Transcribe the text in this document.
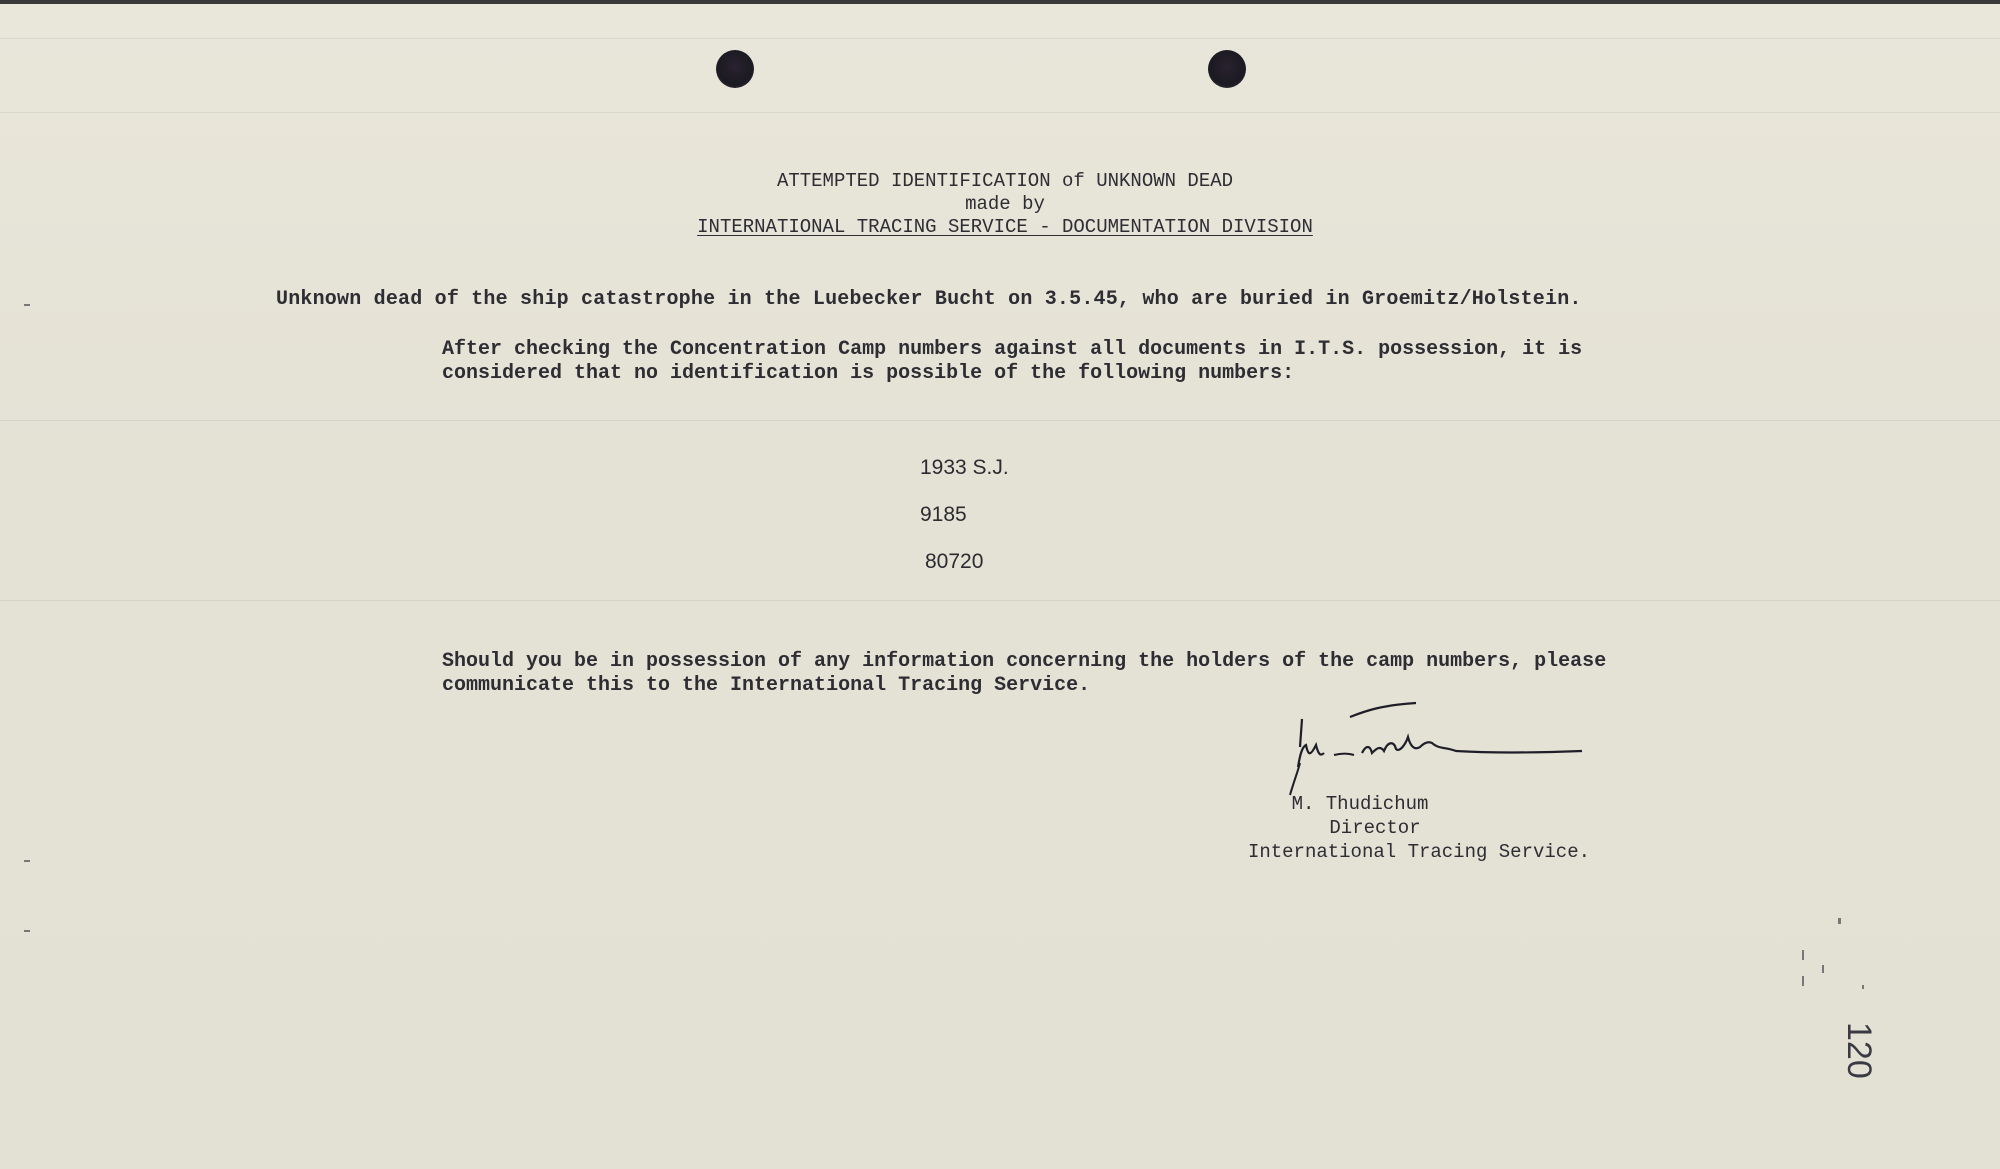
ATTEMPTED IDENTIFICATION of UNKNOWN DEAD
made by
INTERNATIONAL TRACING SERVICE - DOCUMENTATION DIVISION
Unknown dead of the ship catastrophe in the Luebecker Bucht on 3.5.45, who are buried in Groemitz/Holstein.
After checking the Concentration Camp numbers against all documents in I.T.S. possession, it is considered that no identification is possible of the following numbers:
1933 S.J.
9185
80720
Should you be in possession of any information concerning the holders of the camp numbers, please communicate this to the International Tracing Service.
M. Thudichum
Director
International Tracing Service.
120
